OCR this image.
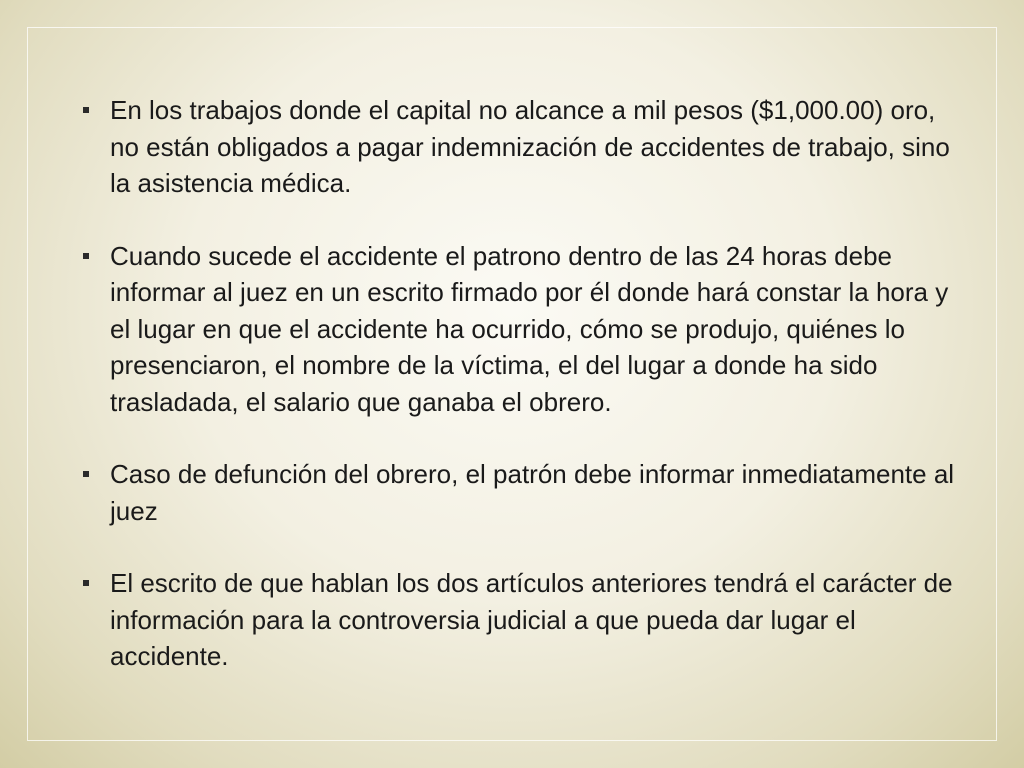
En los trabajos donde el capital no alcance a mil pesos ($1,000.00) oro, no están obligados a pagar indemnización de accidentes de trabajo, sino la asistencia médica.
Cuando sucede el accidente el patrono dentro de las 24 horas debe informar al juez en un escrito firmado por él donde hará constar la hora y el lugar en que el accidente ha ocurrido, cómo se produjo, quiénes lo presenciaron, el nombre de la víctima, el del lugar a donde ha sido trasladada, el salario que ganaba el obrero.
Caso de defunción del obrero, el patrón debe informar inmediatamente al juez
El escrito de que hablan los dos artículos anteriores tendrá el carácter de información para la controversia judicial a que pueda dar lugar el accidente.
